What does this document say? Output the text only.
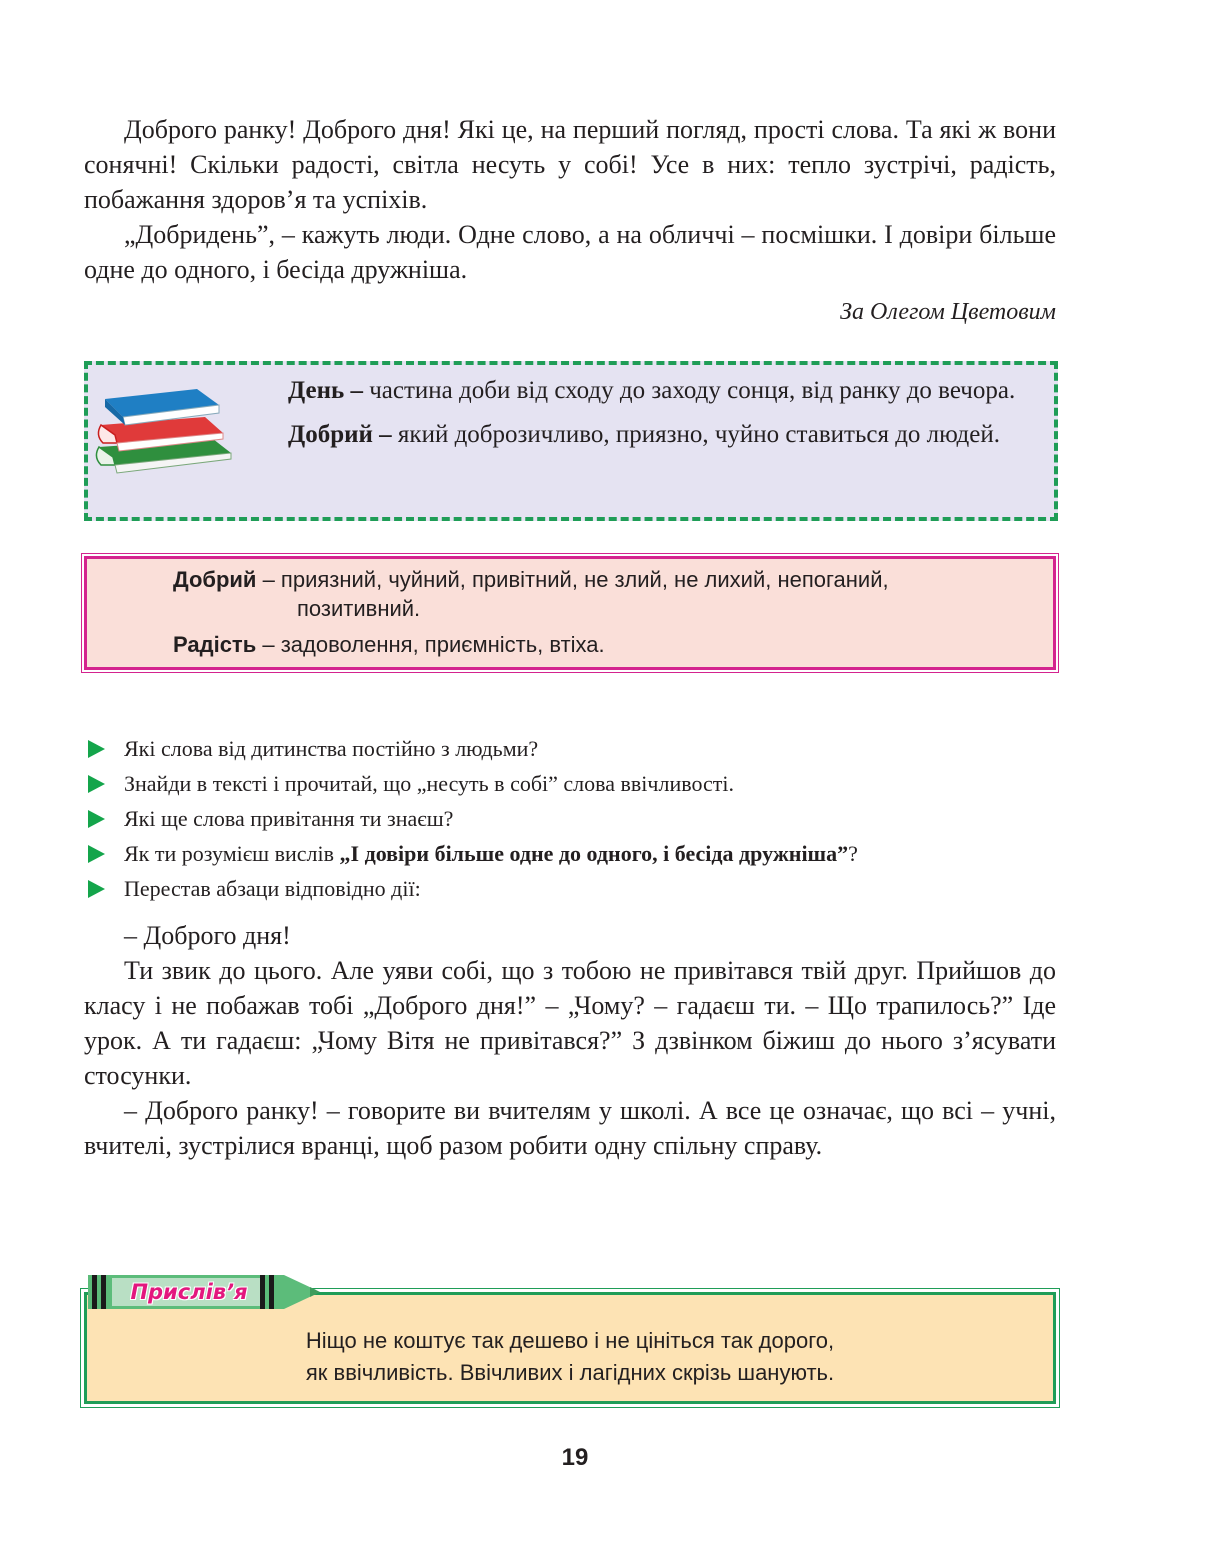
Доброго ранку! Доброго дня! Які це, на перший погляд, прості слова. Та які ж вони сонячні! Скільки радості, світла несуть у собі! Усе в них: тепло зустрічі, радість, побажання здоров’я та успіхів.

„Добридень”, – кажуть люди. Одне слово, а на обличчі – посмішки. І довіри більше одне до одного, і бесіда дружніша.

За Олегом Цветовим

День – частина доби від сходу до заходу сонця, від ранку до вечора.

Добрий – який доброзичливо, приязно, чуйно ставиться до людей.

Добрий – приязний, чуйний, привітний, не злий, не лихий, непоганий,
позитивний.
Радість – задоволення, приємність, втіха.
Які слова від дитинства постійно з людьми?
Знайди в тексті і прочитай, що „несуть в собі” слова ввічливості.
Які ще слова привітання ти знаєш?
Як ти розумієш вислів „І довіри більше одне до одного, і бесіда дружніша”?
Перестав абзаци відповідно дії:

– Доброго дня!

Ти звик до цього. Але уяви собі, що з тобою не привітався твій друг. Прийшов до класу і не побажав тобі „Доброго дня!” – „Чому? – гадаєш ти. – Що трапилось?” Іде урок. А ти гадаєш: „Чому Вітя не привітався?” З дзвінком біжиш до нього з’ясувати стосунки.

– Доброго ранку! – говорите ви вчителям у школі. А все це означає, що всі – учні, вчителі, зустрілися вранці, щоб разом робити одну спільну справу.

Ніщо не коштує так дешево і не цініться так дорого,
як ввічливість. Ввічливих і лагідних скрізь шанують.
Прислів’я
19
